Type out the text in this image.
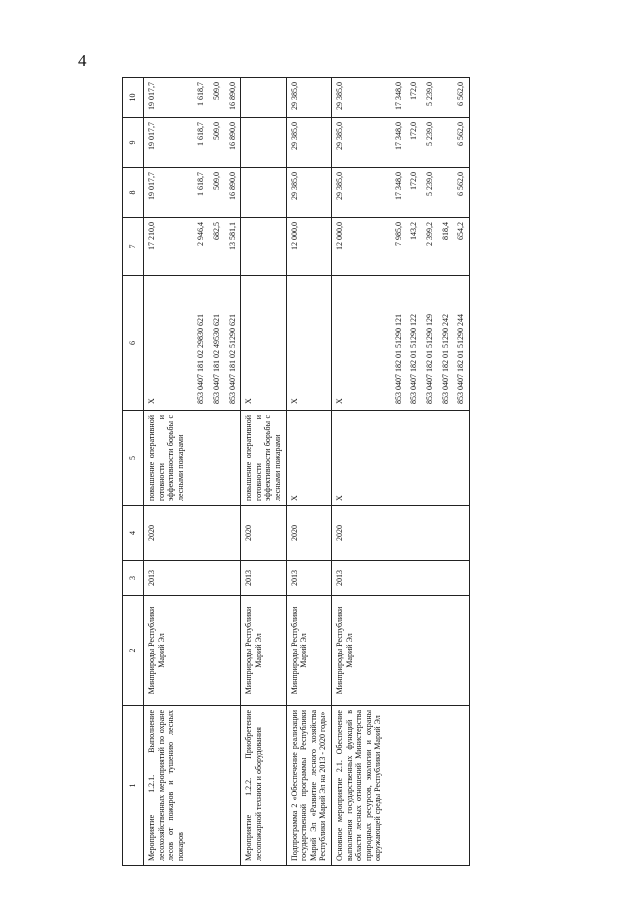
4
1	2	3	4	5	6	7	8	9	10
Мероприятие 1.2.1. Выполнение лесохозяйственных мероприятий по охране лесов от пожаров и тушению лесных пожаров	Минприроды Республики Марий Эл	2013	2020	повышение оперативной готовности и эффективности борьбы с лесными пожарами	X	17 210,0	19 017,7	19 017,7	19 017,7
					853 0407 181 02 29830 621	2 946,4	1 618,7	1 618,7	1 618,7
					853 0407 181 02 49530 621	682,5	509,0	509,0	509,0
					853 0407 181 02 51290 621	13 581,1	16 890,0	16 890,0	16 890,0
Мероприятие 1.2.2. Приобретение лесопожарной техники и оборудования	Минприроды Республики Марий Эл	2013	2020	повышение оперативной готовности и эффективности борьбы с лесными пожарами	X				
Подпрограмма 2 «Обеспечение реализации государственной программы Республики Марий Эл «Развитие лесного хозяйства Республики Марий Эл на 2013 - 2020 годы»	Минприроды Республики Марий Эл	2013	2020	X	X	12 000,0	29 385,0	29 385,0	29 385,0
Основное мероприятие 2.1. Обеспечение выполнения государственных функций в области лесных отношений Министерства природных ресурсов, экологии и охраны окружающей среды Республики Марий Эл	Минприроды Республики Марий Эл	2013	2020	X	X	12 000,0	29 385,0	29 385,0	29 385,0
					853 0407 182 01 51290 121	7 985,0	17 348,0	17 348,0	17 348,0
					853 0407 182 01 51290 122	143,2	172,0	172,0	172,0
					853 0407 182 01 51290 129	2 399,2	5 239,0	5 239,0	5 239,0
					853 0407 182 01 51290 242	818,4			
					853 0407 182 01 51290 244	654,2	6 562,0	6 562,0	6 562,0
